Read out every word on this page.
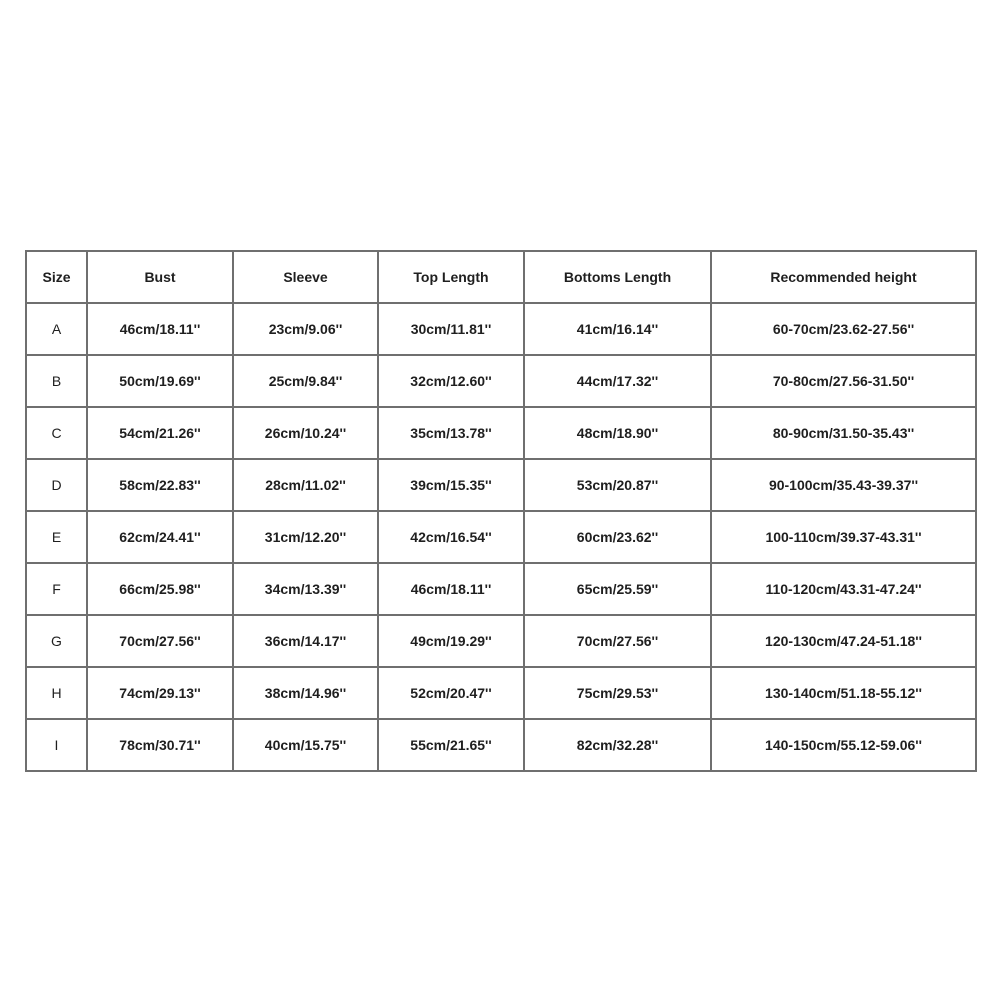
Size	Bust	Sleeve	Top Length	Bottoms Length	Recommended height
A	46cm/18.11''	23cm/9.06''	30cm/11.81''	41cm/16.14''	60-70cm/23.62-27.56''
B	50cm/19.69''	25cm/9.84''	32cm/12.60''	44cm/17.32''	70-80cm/27.56-31.50''
C	54cm/21.26''	26cm/10.24''	35cm/13.78''	48cm/18.90''	80-90cm/31.50-35.43''
D	58cm/22.83''	28cm/11.02''	39cm/15.35''	53cm/20.87''	90-100cm/35.43-39.37''
E	62cm/24.41''	31cm/12.20''	42cm/16.54''	60cm/23.62''	100-110cm/39.37-43.31''
F	66cm/25.98''	34cm/13.39''	46cm/18.11''	65cm/25.59''	110-120cm/43.31-47.24''
G	70cm/27.56''	36cm/14.17''	49cm/19.29''	70cm/27.56''	120-130cm/47.24-51.18''
H	74cm/29.13''	38cm/14.96''	52cm/20.47''	75cm/29.53''	130-140cm/51.18-55.12''
I	78cm/30.71''	40cm/15.75''	55cm/21.65''	82cm/32.28''	140-150cm/55.12-59.06''
